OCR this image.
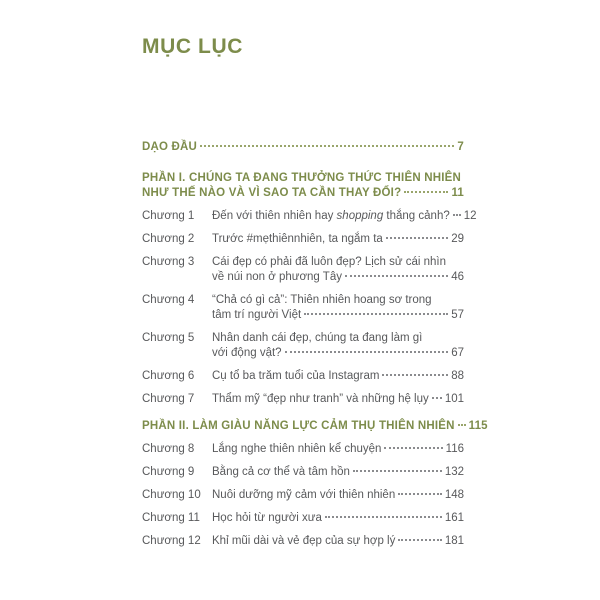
MỤC LỤC
DẠO ĐẦU	7
PHẦN I. CHÚNG TA ĐANG THƯỞNG THỨC THIÊN NHIÊN
NHƯ THẾ NÀO VÀ VÌ SAO TA CẦN THAY ĐỔI?	11
Chương 1	Đến với thiên nhiên hay shopping thắng cảnh? 12
Chương 2	Trước #mẹthiênnhiên, ta ngắm ta	29
Chương 3	Cái đẹp có phải đã luôn đẹp? Lịch sử cái nhìn
về núi non ở phương Tây	46
Chương 4	“Chả có gì cả”: Thiên nhiên hoang sơ trong
tâm trí người Việt	57
Chương 5	Nhân danh cái đẹp, chúng ta đang làm gì
với động vật?	67
Chương 6	Cụ tổ ba trăm tuổi của Instagram	88
Chương 7	Thẩm mỹ “đẹp như tranh” và những hệ lụy 101
PHẦN II. LÀM GIÀU NĂNG LỰC CẢM THỤ THIÊN NHIÊN 115
Chương 8	Lắng nghe thiên nhiên kể chuyện	116
Chương 9	Bằng cả cơ thể và tâm hồn	132
Chương 10 Nuôi dưỡng mỹ cảm với thiên nhiên	148
Chương 11	Học hỏi từ người xưa	161
Chương 12 Khỉ mũi dài và vẻ đẹp của sự hợp lý	181
